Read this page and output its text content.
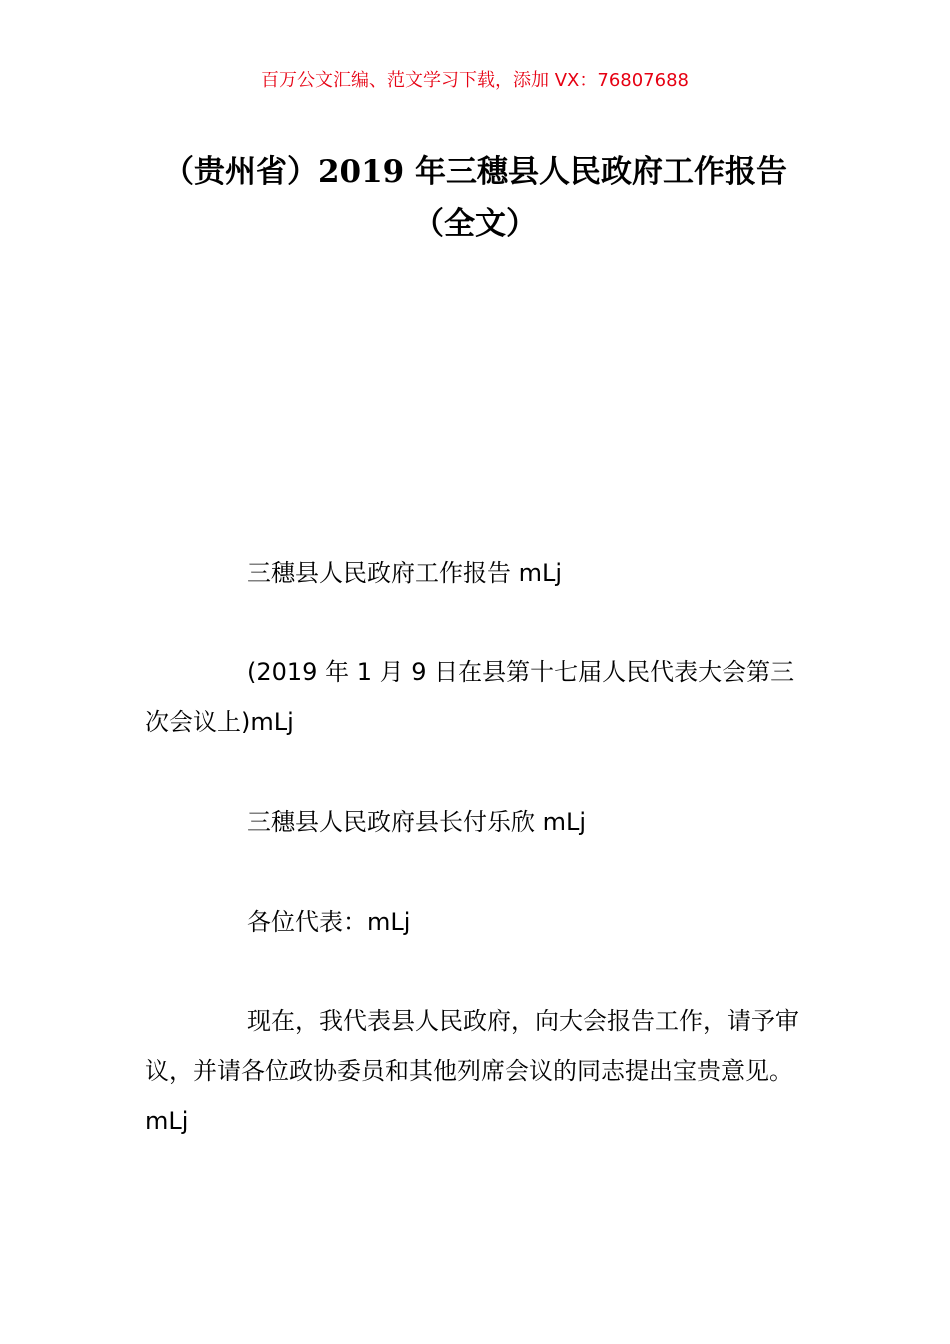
百万公文汇编、范文学习下载，添加 VX：76807688
（贵州省）2019 年三穗县人民政府工作报告（全文）
三穗县人民政府工作报告 mLj
(2019 年 1 月 9 日在县第十七届人民代表大会第三次会议上)mLj
三穗县人民政府县长付乐欣 mLj
各位代表：mLj
现在，我代表县人民政府，向大会报告工作，请予审议，并请各位政协委员和其他列席会议的同志提出宝贵意见。mLj
